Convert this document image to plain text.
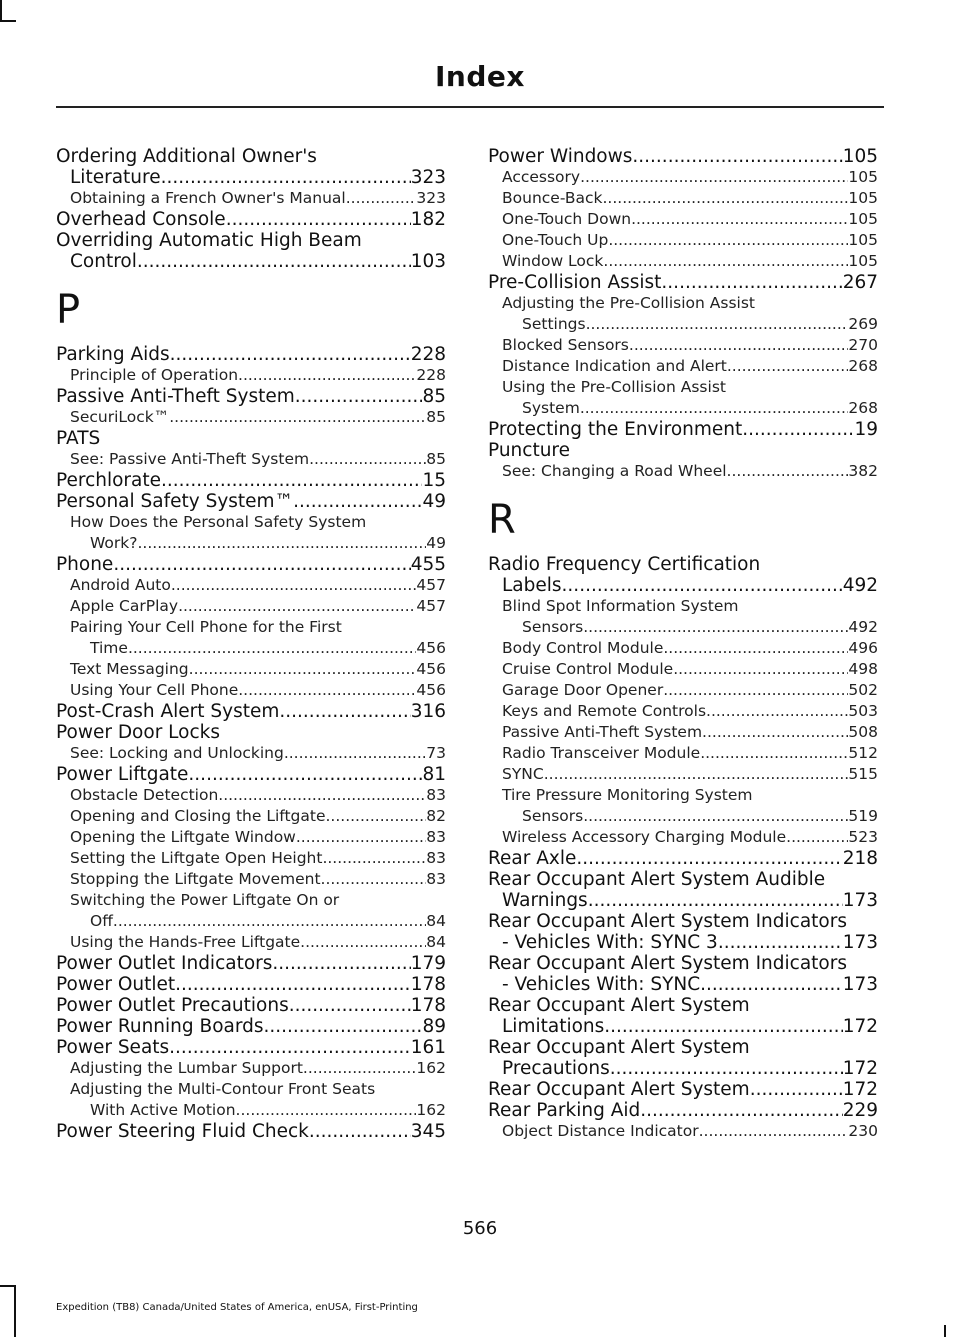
Index
Ordering Additional Owner's
Literature .....	323
Obtaining a French Owner's Manual .....	323
Overhead Console .....	182
Overriding Automatic High Beam
Control .....	103
P
Parking Aids .....	228
Principle of Operation .....	228
Passive Anti-Theft System .....	85
SecuriLock™ .....	85
PATS
See: Passive Anti-Theft System .....	85
Perchlorate .....	15
Personal Safety System™ .....	49
How Does the Personal Safety System
Work? .....	49
Phone .....	455
Android Auto .....	457
Apple CarPlay .....	457
Pairing Your Cell Phone for the First
Time .....	456
Text Messaging .....	456
Using Your Cell Phone .....	456
Post-Crash Alert System .....	316
Power Door Locks
See: Locking and Unlocking .....	73
Power Liftgate .....	81
Obstacle Detection .....	83
Opening and Closing the Liftgate .....	82
Opening the Liftgate Window .....	83
Setting the Liftgate Open Height .....	83
Stopping the Liftgate Movement .....	83
Switching the Power Liftgate On or
Off .....	84
Using the Hands-Free Liftgate .....	84
Power Outlet Indicators .....	179
Power Outlet .....	178
Power Outlet Precautions .....	178
Power Running Boards .....	89
Power Seats .....	161
Adjusting the Lumbar Support .....	162
Adjusting the Multi-Contour Front Seats
With Active Motion .....	162
Power Steering Fluid Check .....	345
Power Windows .....	105
Accessory .....	105
Bounce-Back .....	105
One-Touch Down .....	105
One-Touch Up .....	105
Window Lock .....	105
Pre-Collision Assist .....	267
Adjusting the Pre-Collision Assist
Settings .....	269
Blocked Sensors .....	270
Distance Indication and Alert .....	268
Using the Pre-Collision Assist
System .....	268
Protecting the Environment .....	19
Puncture
See: Changing a Road Wheel .....	382
R
Radio Frequency Certification
Labels .....	492
Blind Spot Information System
Sensors .....	492
Body Control Module .....	496
Cruise Control Module .....	498
Garage Door Opener .....	502
Keys and Remote Controls .....	503
Passive Anti-Theft System .....	508
Radio Transceiver Module .....	512
SYNC .....	515
Tire Pressure Monitoring System
Sensors .....	519
Wireless Accessory Charging Module .....	523
Rear Axle .....	218
Rear Occupant Alert System Audible
Warnings .....	173
Rear Occupant Alert System Indicators
- Vehicles With: SYNC 3 .....	173
Rear Occupant Alert System Indicators
- Vehicles With: SYNC .....	173
Rear Occupant Alert System
Limitations .....	172
Rear Occupant Alert System
Precautions .....	172
Rear Occupant Alert System .....	172
Rear Parking Aid .....	229
Object Distance Indicator .....	230
566
Expedition (TB8) Canada/United States of America, enUSA, First-Printing
